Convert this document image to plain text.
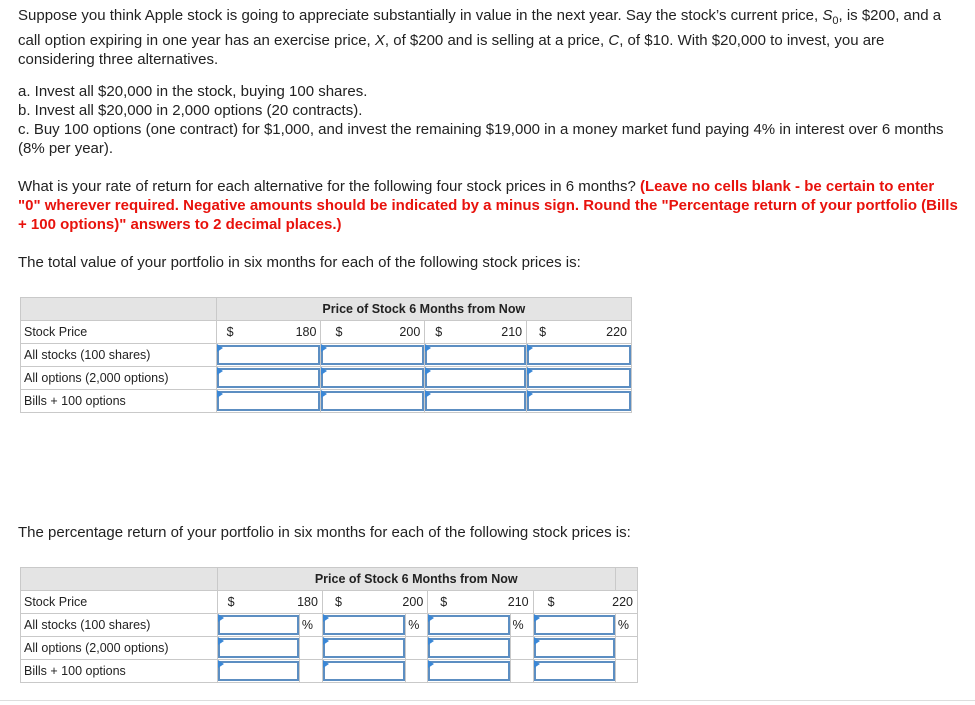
Suppose you think Apple stock is going to appreciate substantially in value in the next year. Say the stock’s current price, $S_0$, is $200, and a call option expiring in one year has an exercise price, X, of $200 and is selling at a price, C, of $10. With $20,000 to invest, you are considering three alternatives.

a. Invest all $20,000 in the stock, buying 100 shares.

b. Invest all $20,000 in 2,000 options (20 contracts).

c. Buy 100 options (one contract) for $1,000, and invest the remaining $19,000 in a money market fund paying 4% in interest over 6 months (8% per year).

What is your rate of return for each alternative for the following four stock prices in 6 months? (Leave no cells blank - be certain to enter "0" wherever required. Negative amounts should be indicated by a minus sign. Round the "Percentage return of your portfolio (Bills + 100 options)" answers to 2 decimal places.)

The total value of your portfolio in six months for each of the following stock prices is:

	Price of Stock 6 Months from Now			
Stock Price	$ 180	$ 200	$ 210	$ 220

All stocks (100 shares)	

All options (2,000 options)	

Bills + 100 options	

The percentage return of your portfolio in six months for each of the following stock prices is:

	Price of Stock 6 Months from Now							
Stock Price	$ 180		$ 200		$ 210		$ 220	

All stocks (100 shares)		%		%		%		%
All options (2,000 options)	

Bills + 100 options	
